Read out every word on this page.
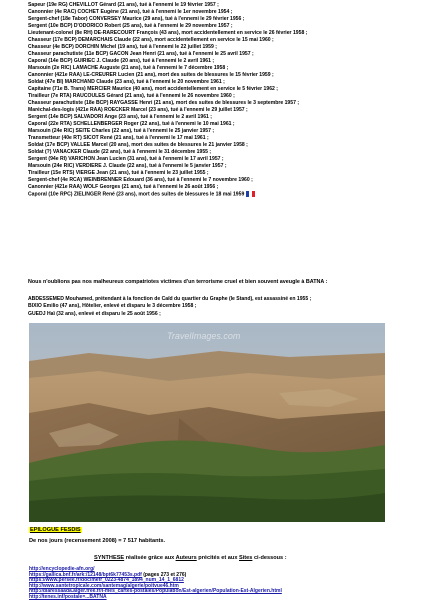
Sapeur (19e RG) CHEVILLOT Gérard (21 ans), tué à l'ennemi le 19 février 1957 ;
Canonnier (4e RAC) COCHET Eugène (21 ans), tué à l'ennemi le 1er novembre 1954 ;
Sergent-chef (18e Tabor) CONVERSEY Maurice (29 ans), tué à l'ennemi le 29 février 1956 ;
Sergent (10e BCP) D'ODORICO Robert (25 ans), tué à l'ennemi le 29 novembre 1957 ;
Lieutenant-colonel (8e RH) DE-RARECOURT François (43 ans), mort accidentellement en service le 26 février 1958 ;
Chasseur (17e BCP) DEMARCHAIS Claude (22 ans), mort accidentellement en service le 15 mai 1960 ;
Chasseur (4e BCP) DORCHIN Michel (19 ans), tué à l'ennemi le 22 juillet 1959 ;
Chasseur parachutiste (11e BCP) GACON Jean Henri (21 ans), tué à l'ennemi le 25 avril 1957 ;
Caporal (14e BCP) GUIRIEC J. Claude (20 ans), tué à l'ennemi le 2 avril 1961 ;
Marsouin (2e RIC) LAMACHE Auguste (21 ans), tué à l'ennemi le 7 décembre 1958 ;
Canonnier (421e RAA) LE-CREURER Lucien (21 ans), mort des suites de blessures le 15 février 1959 ;
Soldat (47e BI) MARCHAND Claude (23 ans), tué à l'ennemi le 20 novembre 1961 ;
Capitaine (71e B. Trans) MERCIER Maurice (40 ans), mort accidentellement en service le 5 février 1962 ;
Tirailleur (7e RTA) RAUCOULES Gérard (21 ans), tué à l'ennemi le 26 novembre 1960 ;
Chasseur parachutiste (18e BCP) RAYGASSE Henri (21 ans), mort des suites de blessures le 3 septembre 1957 ;
Maréchal-des-logis (421e RAA) ROECKER Marcel (23 ans), tué à l'ennemi le 29 juillet 1957 ;
Sergent (14e BCP) SALVADORI Ange (23 ans), tué à l'ennemi le 2 avril 1961 ;
Caporal (22e RTA) SCHELLENBERGER Roger (22 ans), tué à l'ennemi le 10 mai 1961 ;
Marsouin (24e RIC) SEITE Charles (22 ans), tué à l'ennemi le 25 janvier 1957 ;
Transmetteur (40e RT) SICOT René (21 ans), tué à l'ennemi le 17 mai 1961 ;
Soldat (17e BCP) VALLEE Marcel (20 ans), mort des suites de blessures le 21 janvier 1958 ;
Soldat (?) VANACKER Claude (22 ans), tué à l'ennemi le 31 décembre 1955 ;
Sergent (94e RI) VARICHON Jean Lucien (31 ans), tué à l'ennemi le 17 avril 1957 ;
Marsouin (24e RIC) VERDIERE J. Claude (22 ans), tué à l'ennemi le 5 janvier 1957 ;
Tirailleur (15e RTS) VIERGE Jean (21 ans), tué à l'ennemi le 23 juillet 1955 ;
Sergent-chef (4e RCA) WEINBRENNER Edouard (36 ans), tué à l'ennemi le 7 novembre 1960 ;
Canonnier (421e RAA) WOLF Georges (21 ans), tué à l'ennemi le 26 août 1956 ;
Caporal (10e RPC) ZIELINGER René (23 ans), mort des suites de blessures le 18 mai 1959
Nous n'oublions pas nos malheureux compatriotes victimes d'un terrorisme cruel et bien souvent aveugle à BATNA :
ABDESSEMED Mouhamed, prétendant à la fonction de Caïd du quartier du Graphe (le Stand), est assassiné en 1955 ;
BIXIO Emilio (47 ans), Hôtelier, enlevé et disparu le 3 décembre 1958 ;
GUEDJ Haï (32 ans), enlevé et disparu le 25 août 1956 ;
TravelImages.com
EPILOGUE FESDIS
De nos jours (recensement 2008) = 7 517 habitants.
SYNTHESE réalisée grâce aux Auteurs précités et aux Sites ci-dessous :
http://encyclopedie-afn.org/
https://gallica.bnf.fr/ark:/12148/bpt6k77453s.pdf (pages 273 et 276)
https://www.persee.fr/doc/mefr_0223-4874_1894_num_14_1_6812
http://www.santetropicale.com/santemag/algerie/poitvue46.htm
http://diaressaada.alger.free.fr/I-mes_cartes-postales/Population/Est-algerien/Population-Est-Algerien.html
http://tenes.inf/postale=...BATNA
